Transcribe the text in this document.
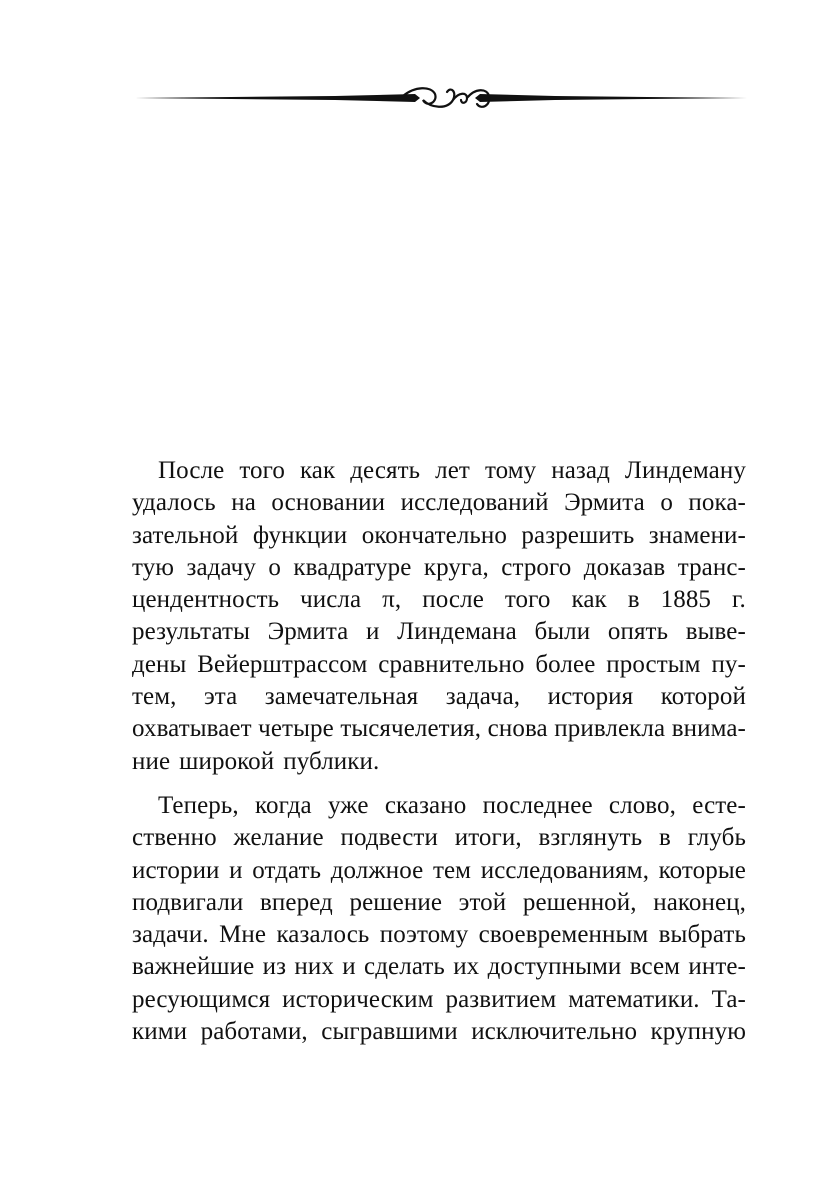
После того как десять лет тому назад Линдеману
удалось на основании исследований Эрмита о пока-
зательной функции окончательно разрешить знамени-
тую задачу о квадратуре круга, строго доказав транс-
цендентность числа π, после того как в 1885 г.
результаты Эрмита и Линдемана были опять выве-
дены Вейерштрассом сравнительно более простым пу-
тем, эта замечательная задача, история которой
охватывает четыре тысячелетия, снова привлекла внима-
ние широкой публики.
Теперь, когда уже сказано последнее слово, есте-
ственно желание подвести итоги, взглянуть в глубь
истории и отдать должное тем исследованиям, которые
подвигали вперед решение этой решенной, наконец,
задачи. Мне казалось поэтому своевременным выбрать
важнейшие из них и сделать их доступными всем инте-
ресующимся историческим развитием математики. Та-
кими работами, сыгравшими исключительно крупную
